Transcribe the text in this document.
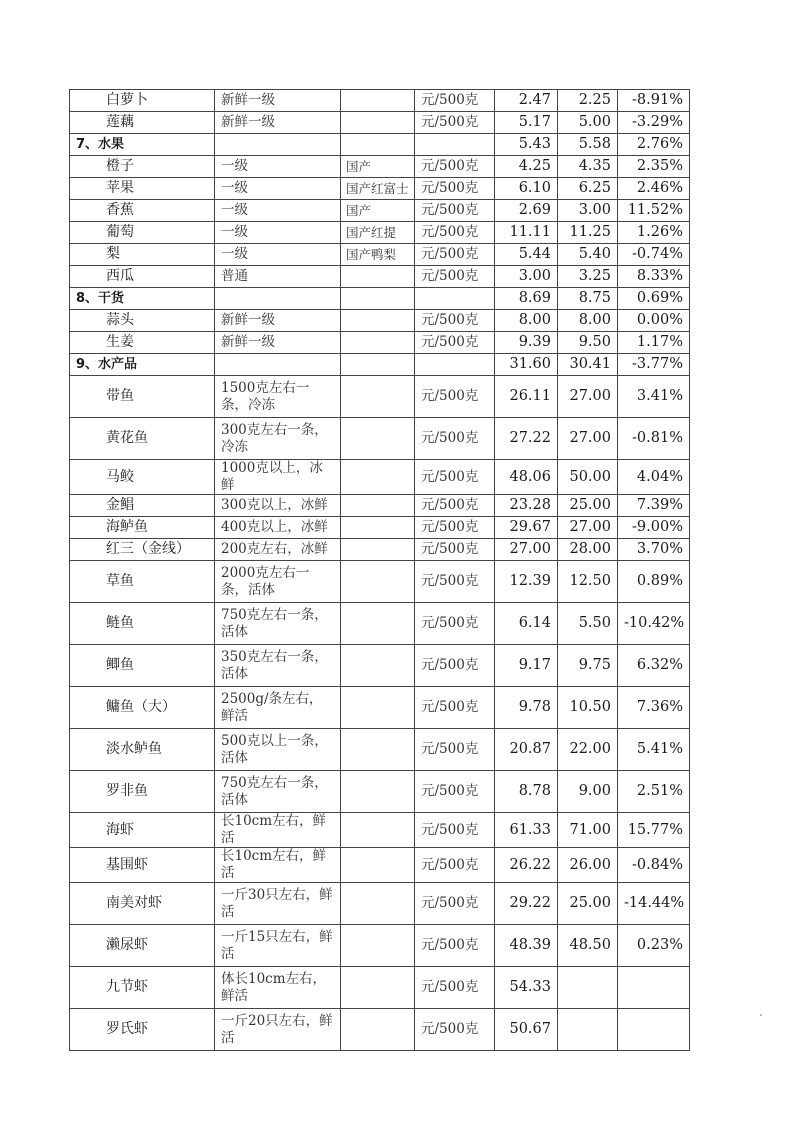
白萝卜	新鲜一级		元/500克	2.47	2.25	-8.91%
莲藕	新鲜一级		元/500克	5.17	5.00	-3.29%
7、水果				5.43	5.58	2.76%
橙子	一级	国产	元/500克	4.25	4.35	2.35%
苹果	一级	国产红富士	元/500克	6.10	6.25	2.46%
香蕉	一级	国产	元/500克	2.69	3.00	11.52%
葡萄	一级	国产红提	元/500克	11.11	11.25	1.26%
梨	一级	国产鸭梨	元/500克	5.44	5.40	-0.74%
西瓜	普通		元/500克	3.00	3.25	8.33%
8、干货				8.69	8.75	0.69%
蒜头	新鲜一级		元/500克	8.00	8.00	0.00%
生姜	新鲜一级		元/500克	9.39	9.50	1.17%
9、水产品				31.60	30.41	-3.77%
带鱼	1500克左右一条，冷冻		元/500克	26.11	27.00	3.41%
黄花鱼	300克左右一条，冷冻		元/500克	27.22	27.00	-0.81%
马鲛	1000克以上，冰鲜		元/500克	48.06	50.00	4.04%
金鲳	300克以上，冰鲜		元/500克	23.28	25.00	7.39%
海鲈鱼	400克以上，冰鲜		元/500克	29.67	27.00	-9.00%
红三（金线）	200克左右，冰鲜		元/500克	27.00	28.00	3.70%
草鱼	2000克左右一条，活体		元/500克	12.39	12.50	0.89%
鲢鱼	750克左右一条，活体		元/500克	6.14	5.50	-10.42%
鲫鱼	350克左右一条，活体		元/500克	9.17	9.75	6.32%
鳙鱼（大）	2500g/条左右，鲜活		元/500克	9.78	10.50	7.36%
淡水鲈鱼	500克以上一条，活体		元/500克	20.87	22.00	5.41%
罗非鱼	750克左右一条，活体		元/500克	8.78	9.00	2.51%
海虾	长10cm左右，鲜活		元/500克	61.33	71.00	15.77%
基围虾	长10cm左右，鲜活		元/500克	26.22	26.00	-0.84%
南美对虾	一斤30只左右，鲜活		元/500克	29.22	25.00	-14.44%
濑尿虾	一斤15只左右，鲜活		元/500克	48.39	48.50	0.23%
九节虾	体长10cm左右，鲜活		元/500克	54.33		
罗氏虾	一斤20只左右，鲜活		元/500克	50.67		
